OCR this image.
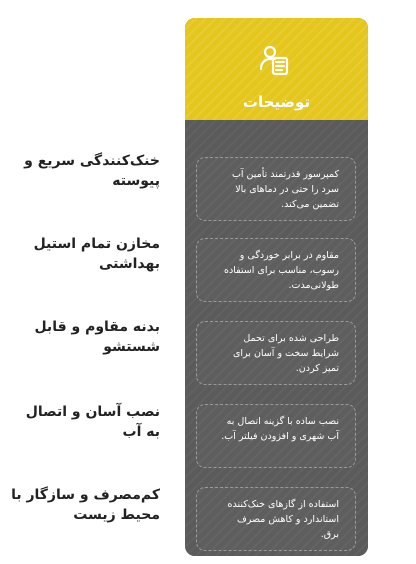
توضیحات
کمپرسور قدرتمند تأمین آب سرد را حتی در دماهای بالا تضمین می‌کند.
مقاوم در برابر خوردگی و رسوب، مناسب برای استفاده طولانی‌مدت.
طراحی شده برای تحمل شرایط سخت و آسان برای تمیز کردن.
نصب ساده با گزینه اتصال به آب شهری و افزودن فیلتر آب.
استفاده از گازهای خنک‌کننده استاندارد و کاهش مصرف برق.
خنک‌کنندگی سریع و پیوسته
مخازن تمام استیل بهداشتی
بدنه مقاوم و قابل شستشو
نصب آسان و اتصال به آب
کم‌مصرف و سازگار با محیط زیست
